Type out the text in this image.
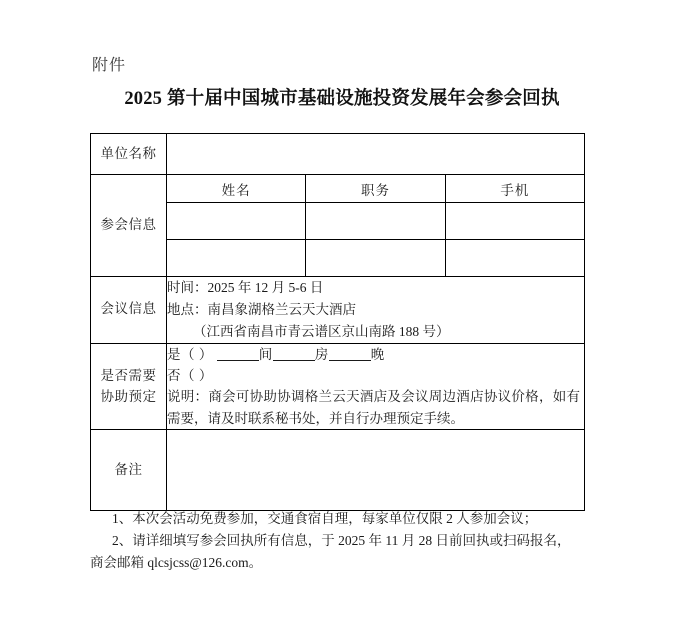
附件
2025 第十届中国城市基础设施投资发展年会参会回执
单位名称			
参会信息	姓名	职务	手机

会议信息	时间：2025 年 12 月 5-6 日
地点：南昌象湖格兰云天大酒店
（江西省南昌市青云谱区京山南路 188 号）		

是否需要
协助预定	是（ ） 间 房 晚
否（ ）
说明：商会可协助协调格兰云天酒店及会议周边酒店协议价格，如有需要，请及时联系秘书处，并自行办理预定手续。		

备注			
1、本次会活动免费参加，交通食宿自理，每家单位仅限 2 人参加会议；
2、请详细填写参会回执所有信息，于 2025 年 11 月 28 日前回执或扫码报名，
商会邮箱 qlcsjcss@126.com。
